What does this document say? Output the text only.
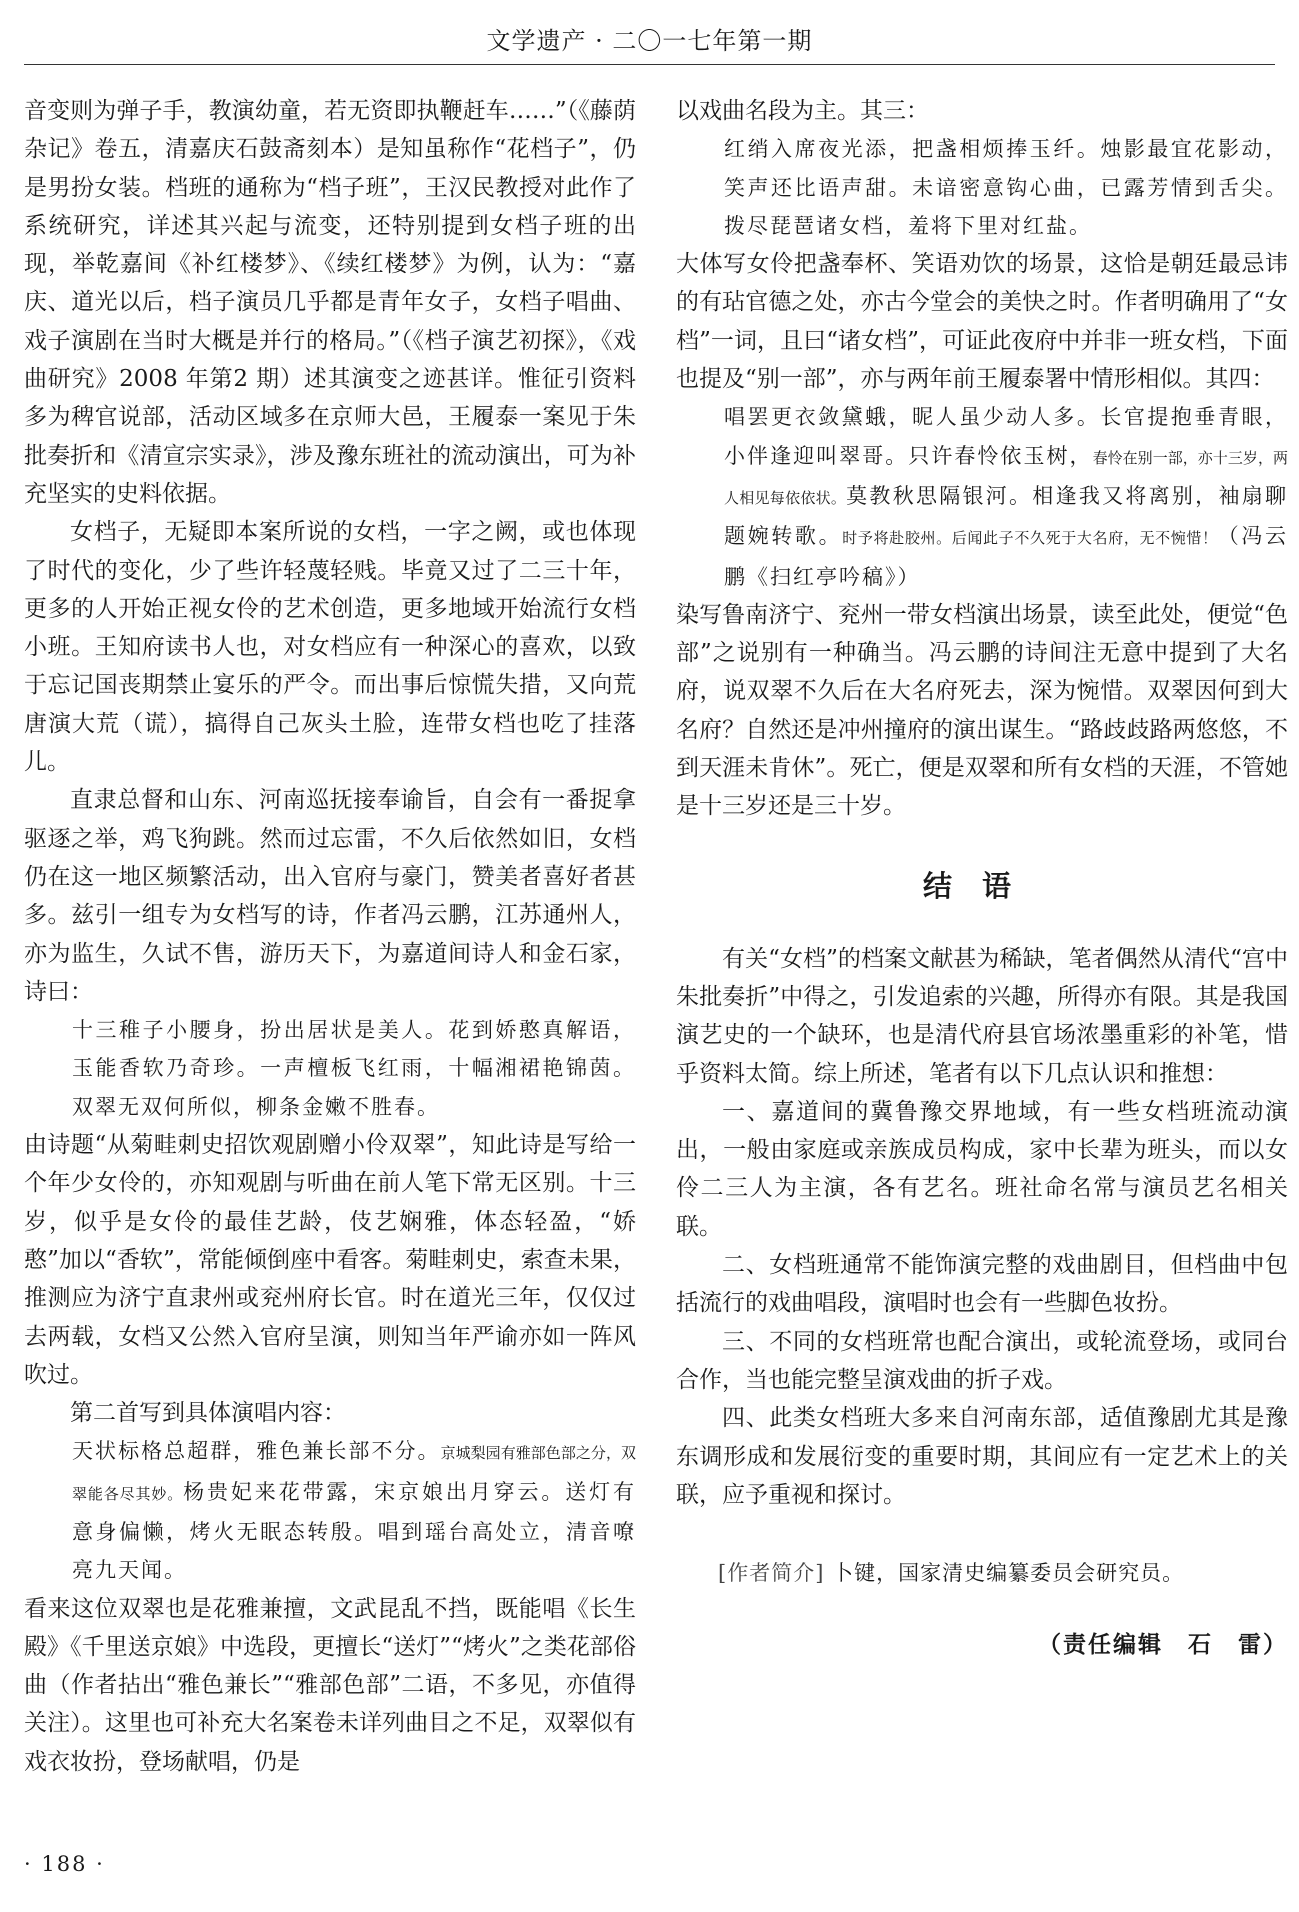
文学遗产 · 二〇一七年第一期

音变则为弹子手，教演幼童，若无资即执鞭赶车……”（《藤荫杂记》卷五，清嘉庆石鼓斋刻本）是知虽称作“花档子”，仍是男扮女装。档班的通称为“档子班”，王汉民教授对此作了系统研究，详述其兴起与流变，还特别提到女档子班的出现，举乾嘉间《补红楼梦》、《续红楼梦》为例，认为：“嘉庆、道光以后，档子演员几乎都是青年女子，女档子唱曲、戏子演剧在当时大概是并行的格局。”（《档子演艺初探》，《戏曲研究》2008 年第2 期）述其演变之迹甚详。惟征引资料多为稗官说部，活动区域多在京师大邑，王履泰一案见于朱批奏折和《清宣宗实录》，涉及豫东班社的流动演出，可为补充坚实的史料依据。

女档子，无疑即本案所说的女档，一字之阙，或也体现了时代的变化，少了些许轻蔑轻贱。毕竟又过了二三十年，更多的人开始正视女伶的艺术创造，更多地域开始流行女档小班。王知府读书人也，对女档应有一种深心的喜欢，以致于忘记国丧期禁止宴乐的严令。而出事后惊慌失措，又向荒唐演大荒（谎），搞得自己灰头土脸，连带女档也吃了挂落儿。

直隶总督和山东、河南巡抚接奉谕旨，自会有一番捉拿驱逐之举，鸡飞狗跳。然而过忘雷，不久后依然如旧，女档仍在这一地区频繁活动，出入官府与豪门，赞美者喜好者甚多。兹引一组专为女档写的诗，作者冯云鹏，江苏通州人，亦为监生，久试不售，游历天下，为嘉道间诗人和金石家，诗曰：

十三稚子小腰身，扮出居状是美人。花到娇憨真解语，玉能香软乃奇珍。一声檀板飞红雨，十幅湘裙艳锦茵。双翠无双何所似，柳条金嫩不胜春。

由诗题“从菊畦刺史招饮观剧赠小伶双翠”，知此诗是写给一个年少女伶的，亦知观剧与听曲在前人笔下常无区别。十三岁，似乎是女伶的最佳艺龄，伎艺娴雅，体态轻盈，“娇憨”加以“香软”，常能倾倒座中看客。菊畦刺史，索查未果，推测应为济宁直隶州或兖州府长官。时在道光三年，仅仅过去两载，女档又公然入官府呈演，则知当年严谕亦如一阵风吹过。

第二首写到具体演唱内容：

天状标格总超群，雅色兼长部不分。京城梨园有雅部色部之分，双翠能各尽其妙。杨贵妃来花带露，宋京娘出月穿云。送灯有意身偏懒，烤火无眠态转殷。唱到瑶台高处立，清音嘹亮九天闻。

看来这位双翠也是花雅兼擅，文武昆乱不挡，既能唱《长生殿》《千里送京娘》中选段，更擅长“送灯”“烤火”之类花部俗曲（作者拈出“雅色兼长”“雅部色部”二语，不多见，亦值得关注）。这里也可补充大名案卷未详列曲目之不足，双翠似有戏衣妆扮，登场献唱，仍是

以戏曲名段为主。其三：

红绡入席夜光添，把盏相烦捧玉纤。烛影最宜花影动，笑声还比语声甜。未谙密意钩心曲，已露芳情到舌尖。拨尽琵琶诸女档，羞将下里对红盐。

大体写女伶把盏奉杯、笑语劝饮的场景，这恰是朝廷最忌讳的有玷官德之处，亦古今堂会的美快之时。作者明确用了“女档”一词，且曰“诸女档”，可证此夜府中并非一班女档，下面也提及“别一部”，亦与两年前王履泰署中情形相似。其四：

唱罢更衣敛黛蛾，昵人虽少动人多。长官提抱垂青眼，小伴逢迎叫翠哥。只许春怜依玉树，春怜在别一部，亦十三岁，两人相见每依依状。莫教秋思隔银河。相逢我又将离别，袖扇聊题婉转歌。时予将赴胶州。后闻此子不久死于大名府，无不惋惜！（冯云鹏《扫红亭吟稿》）

染写鲁南济宁、兖州一带女档演出场景，读至此处，便觉“色部”之说别有一种确当。冯云鹏的诗间注无意中提到了大名府，说双翠不久后在大名府死去，深为惋惜。双翠因何到大名府？自然还是冲州撞府的演出谋生。“路歧歧路两悠悠，不到天涯未肯休”。死亡，便是双翠和所有女档的天涯，不管她是十三岁还是三十岁。

结语

有关“女档”的档案文献甚为稀缺，笔者偶然从清代“宫中朱批奏折”中得之，引发追索的兴趣，所得亦有限。其是我国演艺史的一个缺环，也是清代府县官场浓墨重彩的补笔，惜乎资料太简。综上所述，笔者有以下几点认识和推想：

一、嘉道间的冀鲁豫交界地域，有一些女档班流动演出，一般由家庭或亲族成员构成，家中长辈为班头，而以女伶二三人为主演，各有艺名。班社命名常与演员艺名相关联。

二、女档班通常不能饰演完整的戏曲剧目，但档曲中包括流行的戏曲唱段，演唱时也会有一些脚色妆扮。

三、不同的女档班常也配合演出，或轮流登场，或同台合作，当也能完整呈演戏曲的折子戏。

四、此类女档班大多来自河南东部，适值豫剧尤其是豫东调形成和发展衍变的重要时期，其间应有一定艺术上的关联，应予重视和探讨。

[作者简介] 卜键，国家清史编纂委员会研究员。

（责任编辑　石　雷）
· 188 ·
